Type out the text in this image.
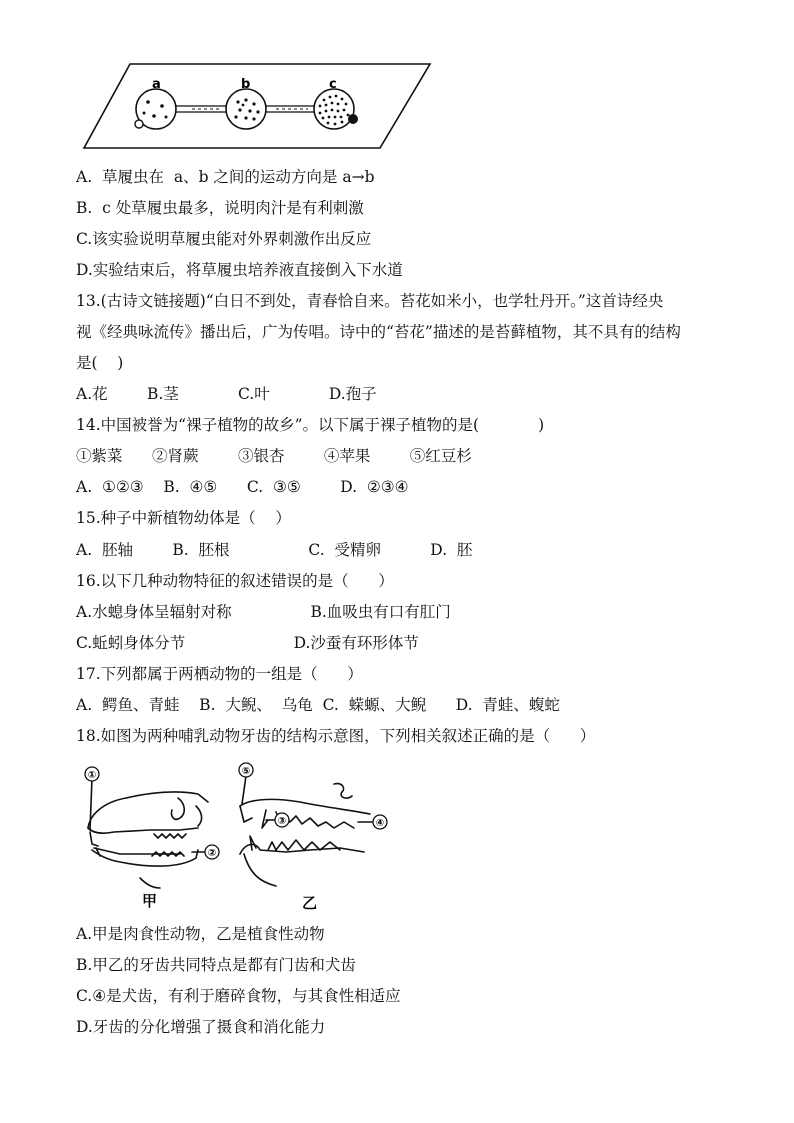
a	b	c
A.  草履虫在  a、b 之间的运动方向是 a→b
B.  c 处草履虫最多，说明肉汁是有利刺激
C.该实验说明草履虫能对外界刺激作出反应
D.实验结束后，将草履虫培养液直接倒入下水道
13.(古诗文链接题)“白日不到处，青春恰自来。苔花如米小，也学牡丹开。”这首诗经央
视《经典咏流传》播出后，广为传唱。诗中的“苔花”描述的是苔藓植物，其不具有的结构
是(    )
A.花        B.茎            C.叶            D.孢子
14.中国被誉为“裸子植物的故乡”。以下属于裸子植物的是(            )
①紫菜      ②肾蕨        ③银杏        ④苹果        ⑤红豆杉
A.  ①②③    B.  ④⑤      C.  ③⑤        D.  ②③④
15.种子中新植物幼体是（    ）
A.  胚轴        B.  胚根                C.  受精卵          D.  胚
16.以下几种动物特征的叙述错误的是（      ）
A.水螅身体呈辐射对称                B.血吸虫有口有肛门
C.蚯蚓身体分节                      D.沙蚕有环形体节
17.下列都属于两栖动物的一组是（      ）
A.  鳄鱼、青蛙    B.  大鲵、  乌龟  C.  蝾螈、大鲵      D.  青蛙、蝮蛇
18.如图为两种哺乳动物牙齿的结构示意图，下列相关叙述正确的是（      ）
①
②
③	④
⑤
甲	乙
A.甲是肉食性动物，乙是植食性动物
B.甲乙的牙齿共同特点是都有门齿和犬齿
C.④是犬齿，有利于磨碎食物，与其食性相适应
D.牙齿的分化增强了摄食和消化能力
